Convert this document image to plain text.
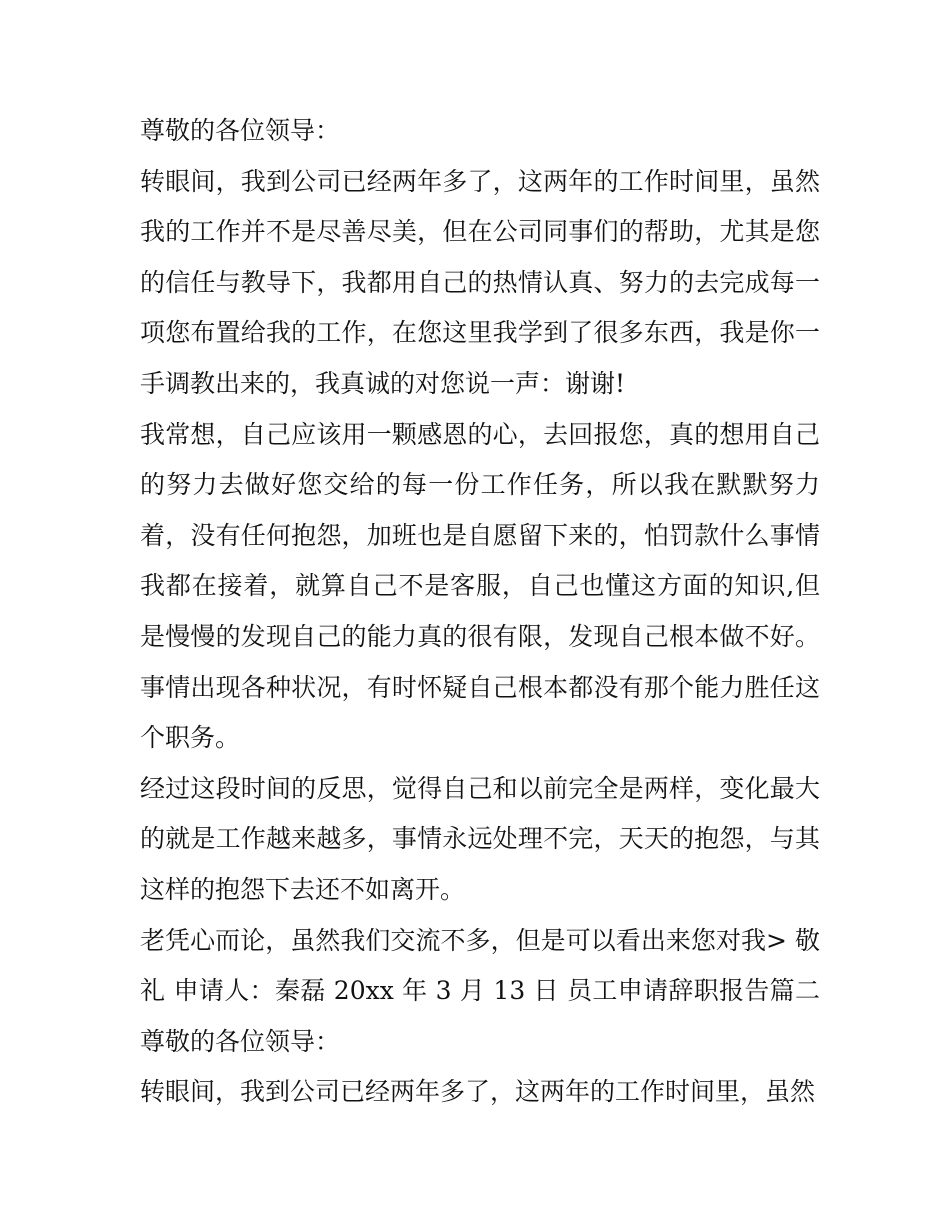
尊敬的各位领导：

转眼间，我到公司已经两年多了，这两年的工作时间里，虽然我的工作并不是尽善尽美，但在公司同事们的帮助，尤其是您的信任与教导下，我都用自己的热情认真、努力的去完成每一项您布置给我的工作，在您这里我学到了很多东西，我是你一手调教出来的，我真诚的对您说一声：谢谢!

我常想，自己应该用一颗感恩的心，去回报您，真的想用自己的努力去做好您交给的每一份工作任务，所以我在默默努力着，没有任何抱怨，加班也是自愿留下来的，怕罚款什么事情我都在接着，就算自己不是客服，自己也懂这方面的知识,但是慢慢的发现自己的能力真的很有限，发现自己根本做不好。事情出现各种状况，有时怀疑自己根本都没有那个能力胜任这个职务。

经过这段时间的反思，觉得自己和以前完全是两样，变化最大的就是工作越来越多，事情永远处理不完，天天的抱怨，与其这样的抱怨下去还不如离开。

老凭心而论，虽然我们交流不多，但是可以看出来您对我> 敬礼 申请人：秦磊 20xx 年 3 月 13 日 员工申请辞职报告篇二 尊敬的各位领导：

转眼间，我到公司已经两年多了，这两年的工作时间里，虽然
